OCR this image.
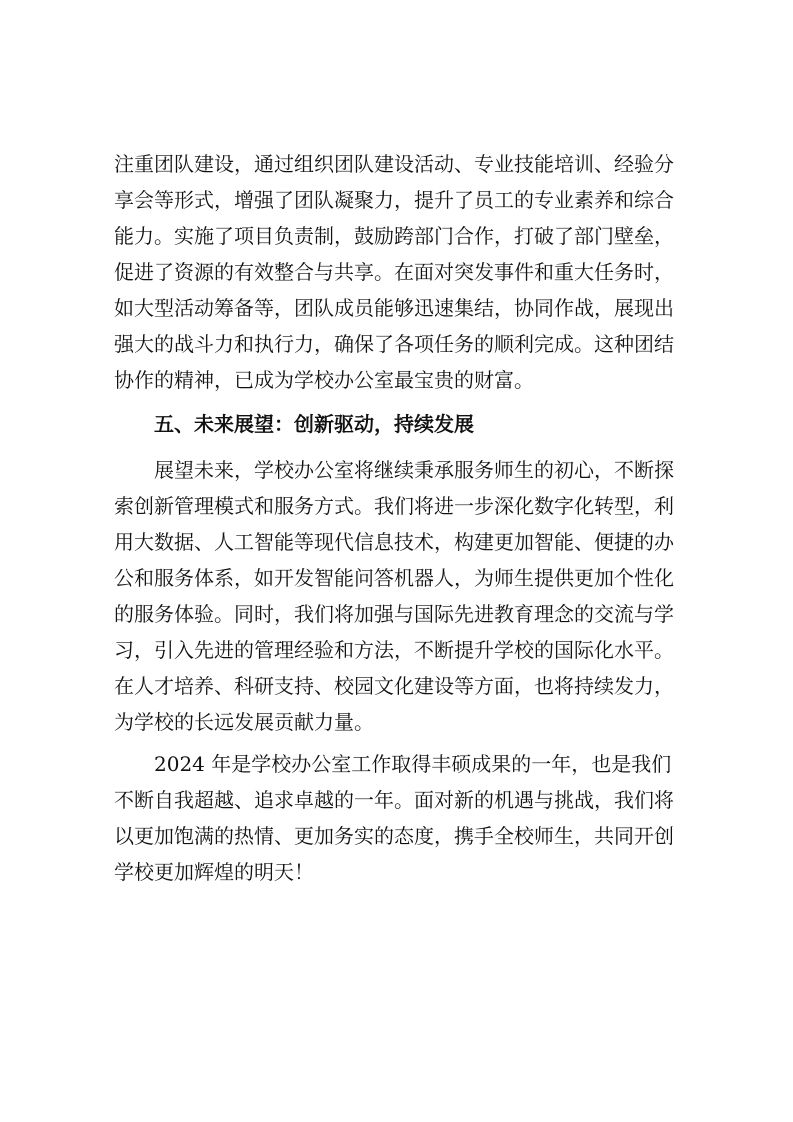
注重团队建设，通过组织团队建设活动、专业技能培训、经验分
享会等形式，增强了团队凝聚力，提升了员工的专业素养和综合
能力。实施了项目负责制，鼓励跨部门合作，打破了部门壁垒，
促进了资源的有效整合与共享。在面对突发事件和重大任务时，
如大型活动筹备等，团队成员能够迅速集结，协同作战，展现出
强大的战斗力和执行力，确保了各项任务的顺利完成。这种团结
协作的精神，已成为学校办公室最宝贵的财富。
五、未来展望：创新驱动，持续发展
展望未来，学校办公室将继续秉承服务师生的初心，不断探
索创新管理模式和服务方式。我们将进一步深化数字化转型，利
用大数据、人工智能等现代信息技术，构建更加智能、便捷的办
公和服务体系，如开发智能问答机器人，为师生提供更加个性化
的服务体验。同时，我们将加强与国际先进教育理念的交流与学
习，引入先进的管理经验和方法，不断提升学校的国际化水平。
在人才培养、科研支持、校园文化建设等方面，也将持续发力，
为学校的长远发展贡献力量。
2024 年是学校办公室工作取得丰硕成果的一年，也是我们
不断自我超越、追求卓越的一年。面对新的机遇与挑战，我们将
以更加饱满的热情、更加务实的态度，携手全校师生，共同开创
学校更加辉煌的明天！
